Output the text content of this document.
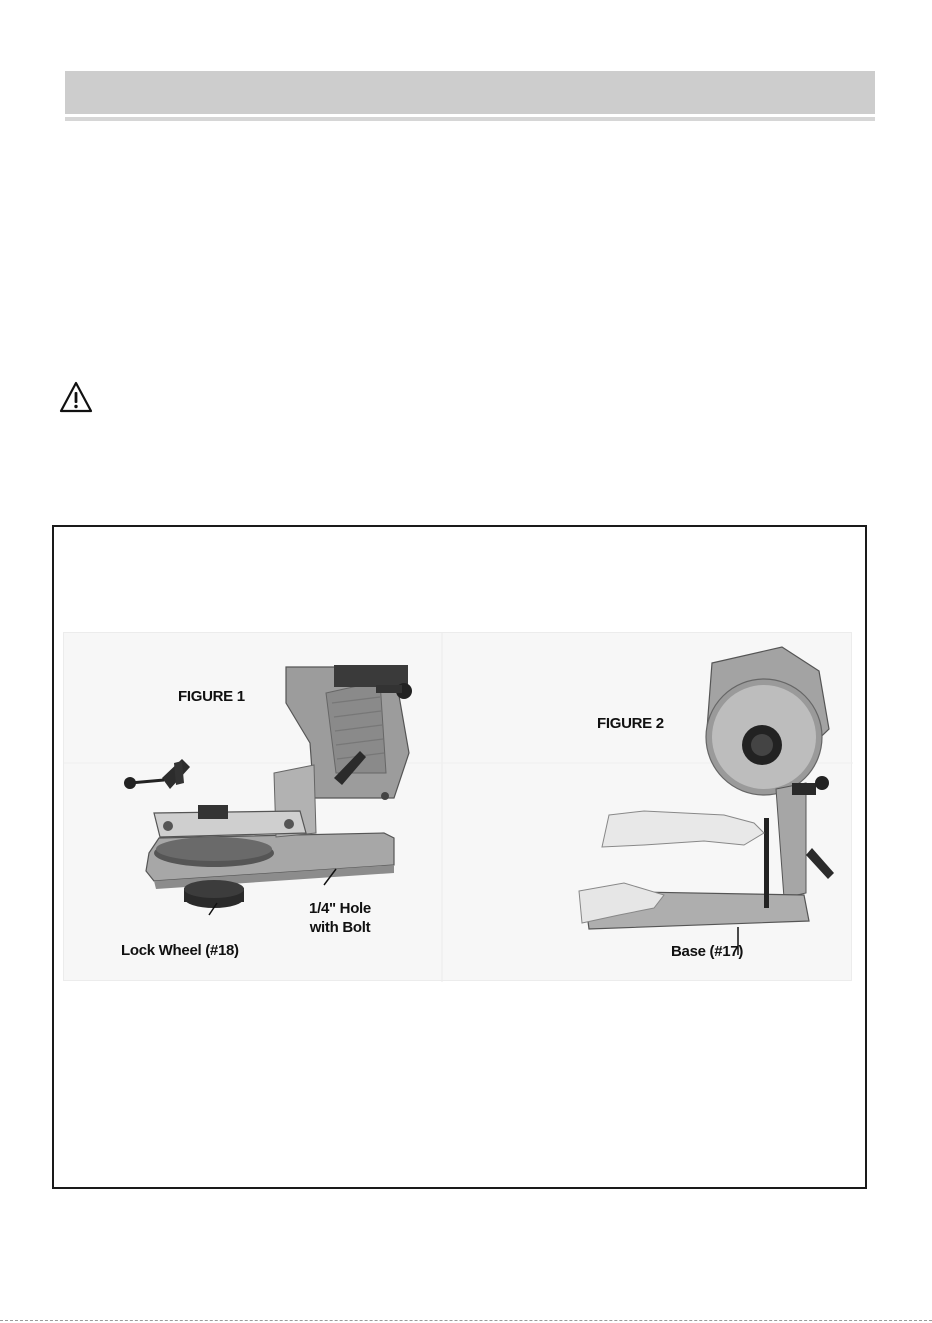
FIGURE 1
Lock Wheel (#18)
1/4" Hole
with Bolt
FIGURE 2
Base (#17)
